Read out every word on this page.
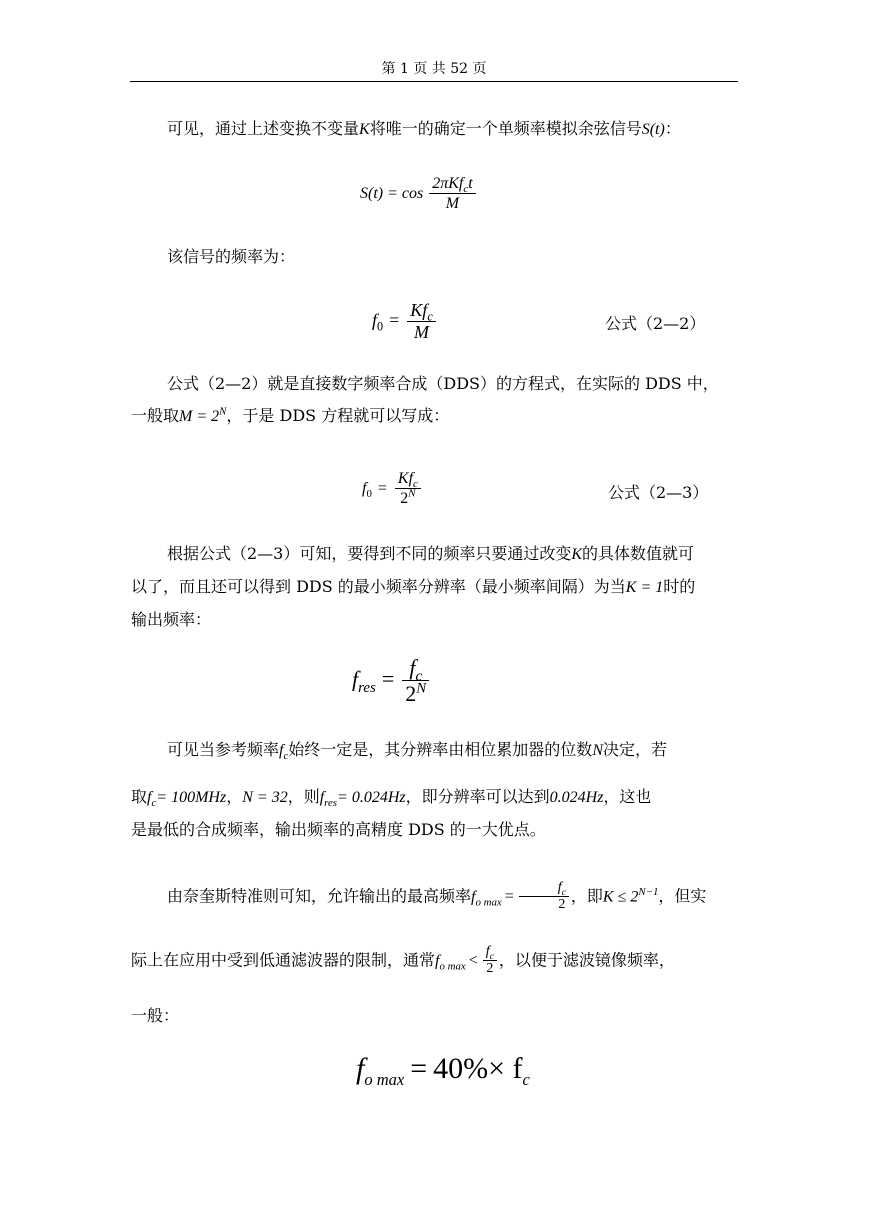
第 1 页 共 52 页
可见，通过上述变换不变量K将唯一的确定一个单频率模拟余弦信号S(t)：
$S(t) = \cos \frac{2\pi Kf_ct}{M}$
该信号的频率为：
$f_0 = \frac{Kf_c}{M}$	公式（2—2）
公式（2—2）就是直接数字频率合成（DDS）的方程式，在实际的 DDS 中，
一般取$M = 2^N$，于是 DDS 方程就可以写成：
$f_0 = \frac{Kf_c}{2^N}$	公式（2—3）
根据公式（2—3）可知，要得到不同的频率只要通过改变K的具体数值就可
以了，而且还可以得到 DDS 的最小频率分辨率（最小频率间隔）为当K = 1时的
输出频率：
$f_{res} = \frac{f_c}{2^N}$
可见当参考频率$f_c$始终一定是，其分辨率由相位累加器的位数N决定，若
取$f_c= 100MHz$，N = 32，则$f_{res}= 0.024Hz$，即分辨率可以达到0.024Hz，这也
是最低的合成频率，输出频率的高精度 DDS 的一大优点。
由奈奎斯特准则可知，允许输出的最高频率$f_{o max} = \frac{f_c}{2}$ ，即$K \le 2^{N-1}$，但实
际上在应用中受到低通滤波器的限制，通常$f_{o max} < \frac{f_c}{2}$ ，以便于滤波镜像频率，
一般：
$f_{o max} = 40\%\times f_c$
